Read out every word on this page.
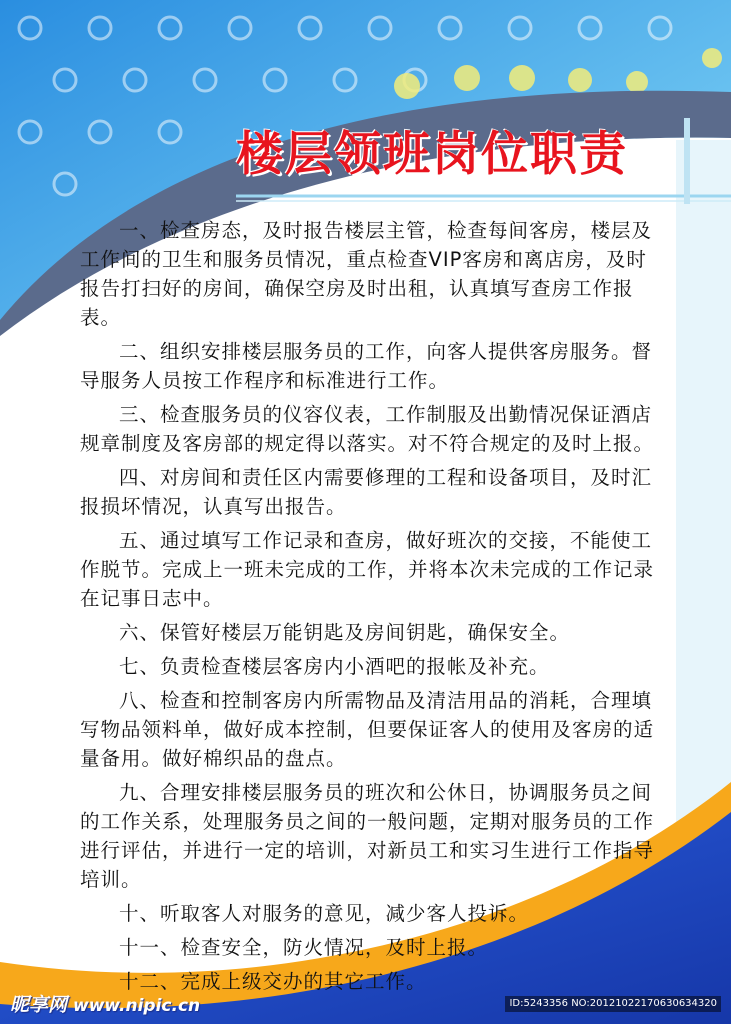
楼层领班岗位职责

一、检查房态，及时报告楼层主管，检查每间客房，楼层及工作间的卫生和服务员情况，重点检查VIP客房和离店房，及时报告打扫好的房间，确保空房及时出租，认真填写查房工作报表。

二、组织安排楼层服务员的工作，向客人提供客房服务。督导服务人员按工作程序和标准进行工作。

三、检查服务员的仪容仪表，工作制服及出勤情况保证酒店规章制度及客房部的规定得以落实。对不符合规定的及时上报。

四、对房间和责任区内需要修理的工程和设备项目，及时汇报损坏情况，认真写出报告。

五、通过填写工作记录和查房，做好班次的交接，不能使工作脱节。完成上一班未完成的工作，并将本次未完成的工作记录在记事日志中。

六、保管好楼层万能钥匙及房间钥匙，确保安全。

七、负责检查楼层客房内小酒吧的报帐及补充。

八、检查和控制客房内所需物品及清洁用品的消耗，合理填写物品领料单，做好成本控制，但要保证客人的使用及客房的适量备用。做好棉织品的盘点。

九、合理安排楼层服务员的班次和公休日，协调服务员之间的工作关系，处理服务员之间的一般问题，定期对服务员的工作进行评估，并进行一定的培训，对新员工和实习生进行工作指导培训。

十、听取客人对服务的意见，减少客人投诉。

十一、检查安全，防火情况，及时上报。

十二、完成上级交办的其它工作。

昵享网 www.nipic.cn	ID:5243356 NO:20121022170630634320
